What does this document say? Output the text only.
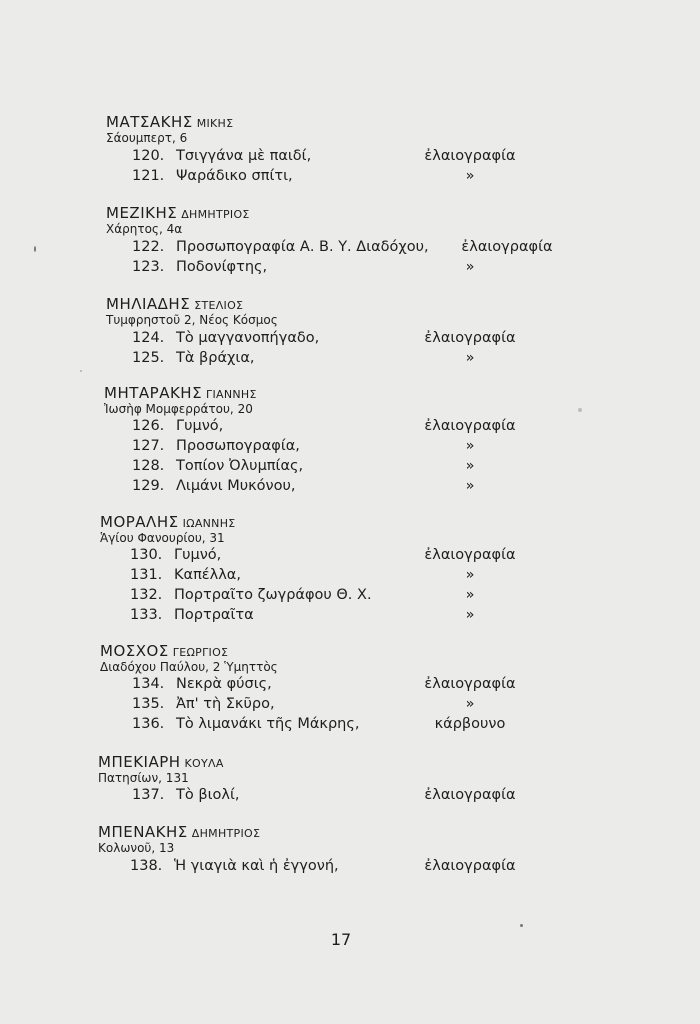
ΜΑΤΣΑΚΗΣ ΜΙΚΗΣ
Σάουμπερτ, 6
120. Τσιγγάνα μὲ παιδί,	ἐλαιογραφία
121. Ψαράδικο σπίτι,	»
ΜΕΖΙΚΗΣ ΔΗΜΗΤΡΙΟΣ
Χάρητος, 4α
122. Προσωπογραφία Α. Β. Υ. Διαδόχου,	ἐλαιογραφία
123. Ποδονίφτης,	»
ΜΗΛΙΑΔΗΣ ΣΤΕΛΙΟΣ
Τυμφρηστοῦ 2, Νέος Κόσμος
124. Τὸ μαγγανοπήγαδο,	ἐλαιογραφία
125. Τὰ βράχια,	»
ΜΗΤΑΡΑΚΗΣ ΓΙΑΝΝΗΣ
Ἰωσὴφ Μομφερράτου, 20
126. Γυμνό,	ἐλαιογραφία
127. Προσωπογραφία,	»
128. Τοπίον Ὀλυμπίας,	»
129. Λιμάνι Μυκόνου,	»
ΜΟΡΑΛΗΣ ΙΩΑΝΝΗΣ
Ἁγίου Φανουρίου, 31
130. Γυμνό,	ἐλαιογραφία
131. Καπέλλα,	»
132. Πορτραῖτο ζωγράφου Θ. Χ.	»
133. Πορτραῖτα	»
ΜΟΣΧΟΣ ΓΕΩΡΓΙΟΣ
Διαδόχου Παύλου, 2 Ὑμηττὸς
134. Νεκρὰ φύσις,	ἐλαιογραφία
135. Ἀπ' τὴ Σκῦρο,	»
136. Τὸ λιμανάκι τῆς Μάκρης,	κάρβουνο
ΜΠΕΚΙΑΡΗ ΚΟΥΛΑ
Πατησίων, 131
137. Τὸ βιολί,	ἐλαιογραφία
ΜΠΕΝΑΚΗΣ ΔΗΜΗΤΡΙΟΣ
Κολωνοῦ, 13
138. Ἡ γιαγιὰ καὶ ἡ ἐγγονή,	ἐλαιογραφία
17
